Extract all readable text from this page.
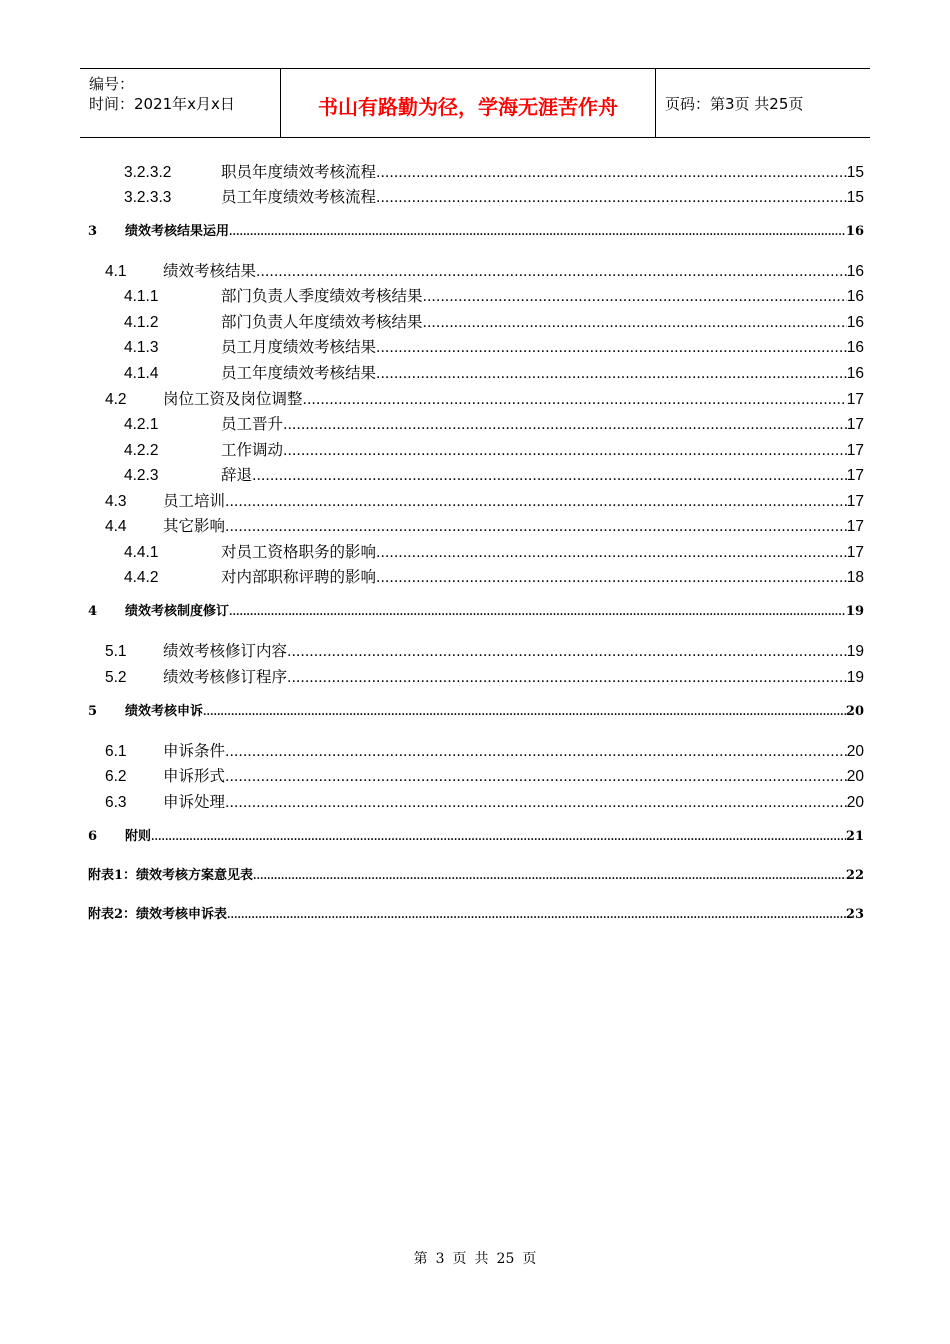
编号：
时间：2021年x月x日	书山有路勤为径，学海无涯苦作舟	页码：第3页 共25页
3.2.3.2	职员年度绩效考核流程 .....	15
3.2.3.3	员工年度绩效考核流程 .....	15
3	绩效考核结果运用 .....	16
4.1	绩效考核结果 .....	16
4.1.1	部门负责人季度绩效考核结果 .....	16
4.1.2	部门负责人年度绩效考核结果 .....	16
4.1.3	员工月度绩效考核结果 .....	16
4.1.4	员工年度绩效考核结果 .....	16
4.2	岗位工资及岗位调整 .....	17
4.2.1	员工晋升 .....	17
4.2.2	工作调动 .....	17
4.2.3	辞退 .....	17
4.3	员工培训 .....	17
4.4	其它影响 .....	17
4.4.1	对员工资格职务的影响 .....	17
4.4.2	对内部职称评聘的影响 .....	18
4	绩效考核制度修订 .....	19
5.1	绩效考核修订内容 .....	19
5.2	绩效考核修订程序 .....	19
5	绩效考核申诉 .....	20
6.1	申诉条件 .....	20
6.2	申诉形式 .....	20
6.3	申诉处理 .....	20
6	附则 .....	21
附表1：绩效考核方案意见表 .....	22
附表2：绩效考核申诉表 .....	23
第 3 页 共 25 页
